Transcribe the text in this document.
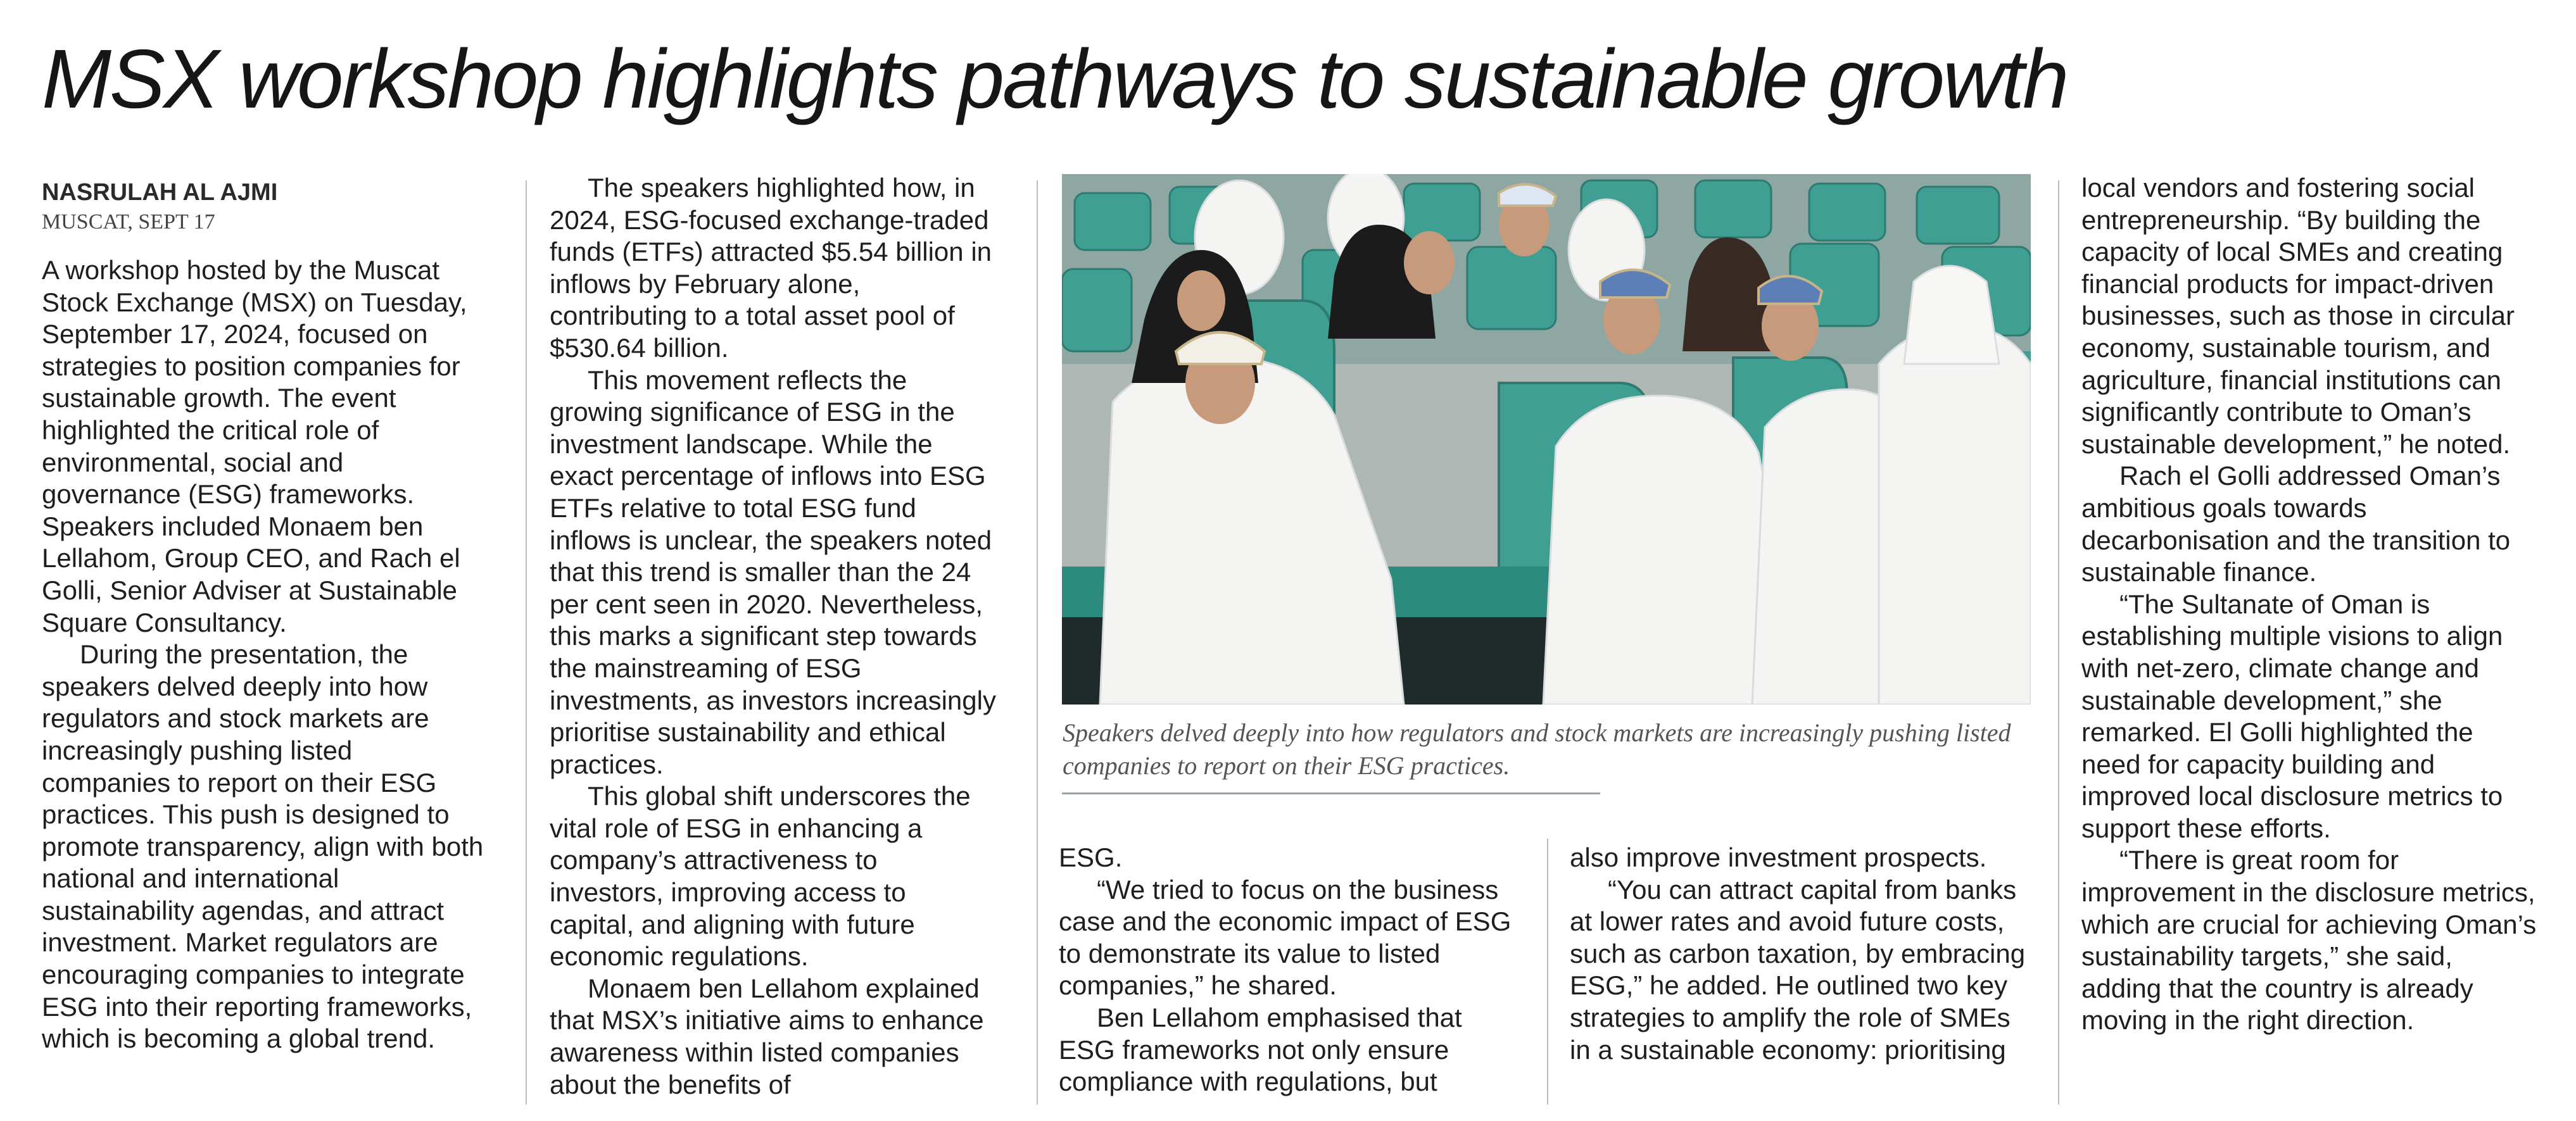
MSX workshop highlights pathways to sustainable growth

NASRULAH AL AJMI

MUSCAT, SEPT 17

A workshop hosted by the Muscat Stock Exchange (MSX) on Tuesday, September 17, 2024, focused on strategies to position companies for sustainable growth. The event highlighted the critical role of environmental, social and governance (ESG) frameworks. Speakers included Monaem ben Lellahom, Group CEO, and Rach el Golli, Senior Adviser at Sustainable Square Consultancy.

During the presentation, the speakers delved deeply into how regulators and stock markets are increasingly pushing listed companies to report on their ESG practices. This push is designed to promote transparency, align with both national and international sustainability agendas, and attract investment. Market regulators are encouraging companies to integrate ESG into their reporting frameworks, which is becoming a global trend.

The speakers highlighted how, in 2024, ESG-focused exchange-traded funds (ETFs) attracted $5.54 billion in inflows by February alone, contributing to a total asset pool of $530.64 billion.

This movement reflects the growing significance of ESG in the investment landscape. While the exact percentage of inflows into ESG ETFs relative to total ESG fund inflows is unclear, the speakers noted that this trend is smaller than the 24 per cent seen in 2020. Nevertheless, this marks a significant step towards the mainstreaming of ESG investments, as investors increasingly prioritise sustainability and ethical practices.

This global shift underscores the vital role of ESG in enhancing a company’s attractiveness to investors, improving access to capital, and aligning with future economic regulations.

Monaem ben Lellahom explained that MSX’s initiative aims to enhance awareness within listed companies about the benefits of

Speakers delved deeply into how regulators and stock markets are increasingly pushing listed companies to report on their ESG practices.

ESG.

“We tried to focus on the business case and the economic impact of ESG to demonstrate its value to listed companies,” he shared.

Ben Lellahom emphasised that ESG frameworks not only ensure compliance with regulations, but

also improve investment prospects.

“You can attract capital from banks at lower rates and avoid future costs, such as carbon taxation, by embracing ESG,” he added. He outlined two key strategies to amplify the role of SMEs in a sustainable economy: prioritising

local vendors and fostering social entrepreneurship. “By building the capacity of local SMEs and creating financial products for impact-driven businesses, such as those in circular economy, sustainable tourism, and agriculture, financial institutions can significantly contribute to Oman’s sustainable development,” he noted.

Rach el Golli addressed Oman’s ambitious goals towards decarbonisation and the transition to sustainable finance.

“The Sultanate of Oman is establishing multiple visions to align with net-zero, climate change and sustainable development,” she remarked. El Golli highlighted the need for capacity building and improved local disclosure metrics to support these efforts.

“There is great room for improvement in the disclosure metrics, which are crucial for achieving Oman’s sustainability targets,” she said, adding that the country is already moving in the right direction.
